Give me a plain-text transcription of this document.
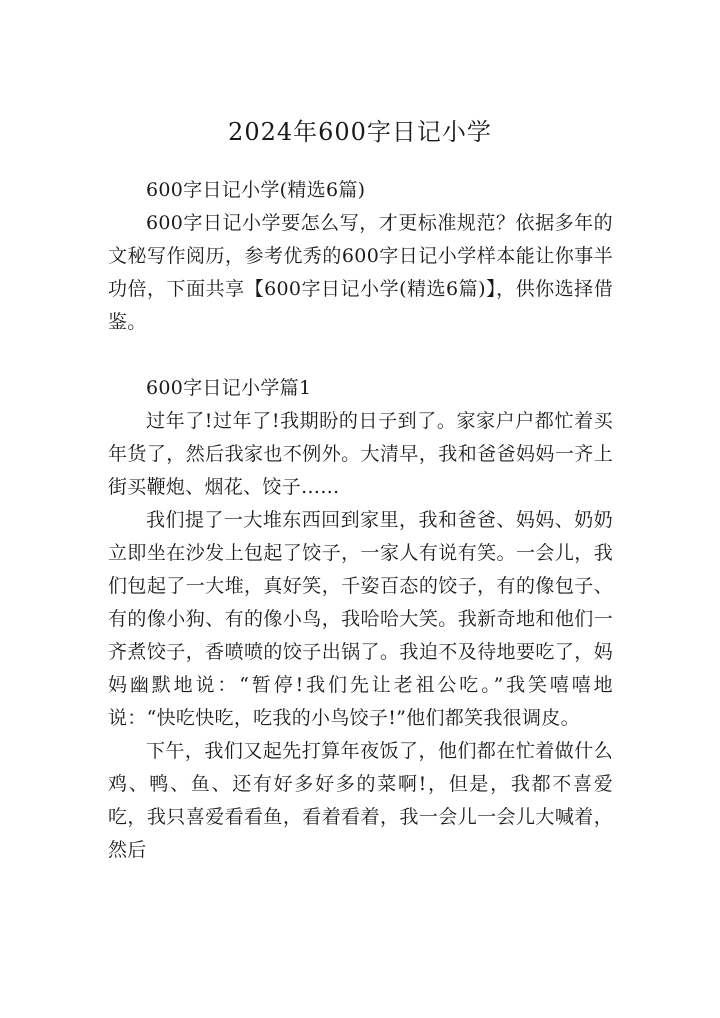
2024年600字日记小学

600字日记小学(精选6篇)

600字日记小学要怎么写，才更标准规范？依据多年的文秘写作阅历，参考优秀的600字日记小学样本能让你事半功倍，下面共享【600字日记小学(精选6篇)】，供你选择借鉴。

600字日记小学篇1

过年了!过年了!我期盼的日子到了。家家户户都忙着买年货了，然后我家也不例外。大清早，我和爸爸妈妈一齐上街买鞭炮、烟花、饺子……

我们提了一大堆东西回到家里，我和爸爸、妈妈、奶奶立即坐在沙发上包起了饺子，一家人有说有笑。一会儿，我们包起了一大堆，真好笑，千姿百态的饺子，有的像包子、有的像小狗、有的像小鸟，我哈哈大笑。我新奇地和他们一齐煮饺子，香喷喷的饺子出锅了。我迫不及待地要吃了，妈妈幽默地说：“暂停!我们先让老祖公吃。”我笑嘻嘻地说：“快吃快吃，吃我的小鸟饺子!”他们都笑我很调皮。

下午，我们又起先打算年夜饭了，他们都在忙着做什么鸡、鸭、鱼、还有好多好多的菜啊!，但是，我都不喜爱吃，我只喜爱看看鱼，看着看着，我一会儿一会儿大喊着，然后
